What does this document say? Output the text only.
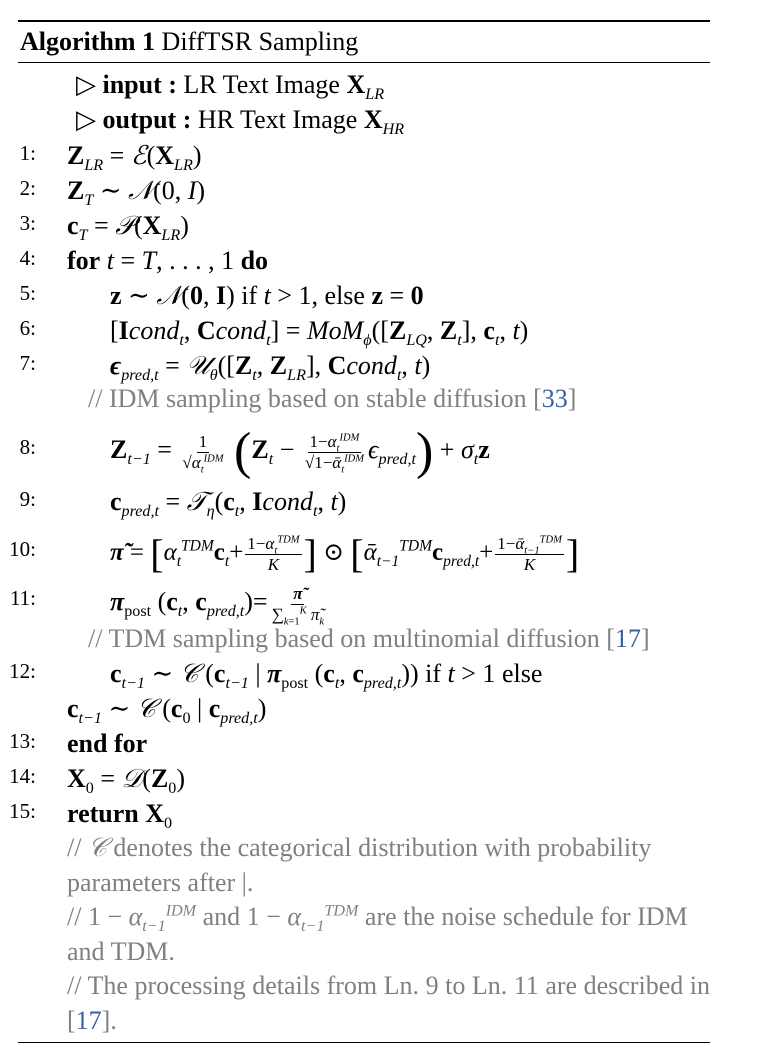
Algorithm 1 DiffTSR Sampling
▷ input : LR Text Image $X_{LR}$
▷ output : HR Text Image $X_{HR}$
1: $Z_{LR}$ = $ℰ(X_{LR})$
2: $Z_T$ ∼ 𝒩(0, I)
3: $c_T$ = $𝒫(X_{LR})$
4: for t = T, . . . , 1 do
5:	z ∼ 𝒩(0, I) if t > 1, else z = 0
6:	[Icond$_t$, Ccond$_t$] = $MoM_\phi([Z_{LQ}$, $Z_t$], $c_t$, t)
7:	$\epsilon_{pred,t}$ = $𝒰_\theta([Z_t$, $Z_{LR}$], Ccond$_t$, t)
// IDM sampling based on stable diffusion [33]
8:	$Z_{t-1} = \frac{1}{√\alpha_t^{IDM}} (Z_t - \frac{1-\alpha_t^{IDM}}{√1-ᾱ_t^{IDM}} \epsilon_{pred,t}) + \sigma_tz$
9:	$c_{pred,t}$ = $𝒯_\eta(c_t$, Icond$_t$, t)
10:	π̃ = [$\alpha_t^{TDM}c_t+ \frac{1-\alpha_t^{TDM}}{K}$ ] ⊙ [$ᾱ_{t-1}^{TDM}c_{pred,t}+ \frac{1-ᾱ_{t-1}^{TDM}}{K}$ ]
11:	$\pi_{post}$ ($c_t$, $c_{pred,t})= \frac{\pĩ}{\sum_{k=1}^K \pĩ_k}$
// TDM sampling based on multinomial diffusion [17]
12:	$c_{t-1}$ ∼ 𝒞 ($c_{t-1}$ | $\pi_{post}$ ($c_t$, $c_{pred,t}$)) if t > 1 else
$c_{t-1}$ ∼ 𝒞 ($c_0$ | $c_{pred,t}$)
13: end for
14: $X_0$ = $𝒟(Z_0)$
15: return $X_0$
// 𝒞 denotes the categorical distribution with probability parameters after |.
// $1 - \alpha_{t-1}^{IDM}$ and $1 - \alpha_{t-1}^{TDM}$ are the noise schedule for IDM and TDM.
// The processing details from Ln. 9 to Ln. 11 are described in [17].
